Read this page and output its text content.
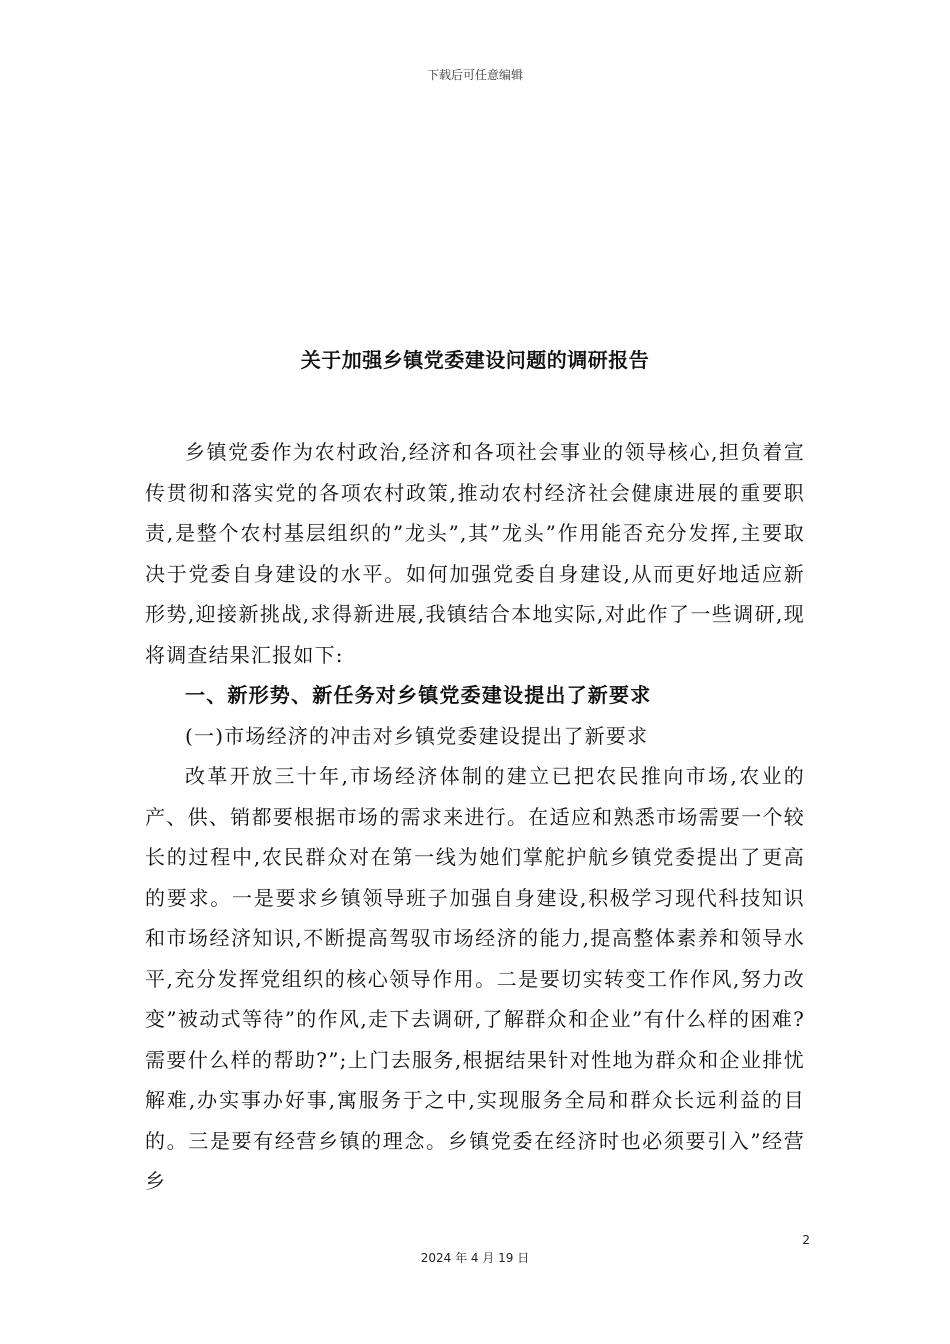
下载后可任意编辑
关于加强乡镇党委建设问题的调研报告

乡镇党委作为农村政治,经济和各项社会事业的领导核心,担负着宣传贯彻和落实党的各项农村政策,推动农村经济社会健康进展的重要职责,是整个农村基层组织的”龙头”,其”龙头”作用能否充分发挥,主要取决于党委自身建设的水平。如何加强党委自身建设,从而更好地适应新形势,迎接新挑战,求得新进展,我镇结合本地实际,对此作了一些调研,现将调查结果汇报如下:

一、新形势、新任务对乡镇党委建设提出了新要求

(一)市场经济的冲击对乡镇党委建设提出了新要求

改革开放三十年,市场经济体制的建立已把农民推向市场,农业的产、供、销都要根据市场的需求来进行。在适应和熟悉市场需要一个较长的过程中,农民群众对在第一线为她们掌舵护航乡镇党委提出了更高的要求。一是要求乡镇领导班子加强自身建设,积极学习现代科技知识和市场经济知识,不断提高驾驭市场经济的能力,提高整体素养和领导水平,充分发挥党组织的核心领导作用。二是要切实转变工作作风,努力改变”被动式等待”的作风,走下去调研,了解群众和企业”有什么样的困难?需要什么样的帮助?”;上门去服务,根据结果针对性地为群众和企业排忧解难,办实事办好事,寓服务于之中,实现服务全局和群众长远利益的目的。三是要有经营乡镇的理念。乡镇党委在经济时也必须要引入”经营乡

2
2024 年 4 月 19 日
